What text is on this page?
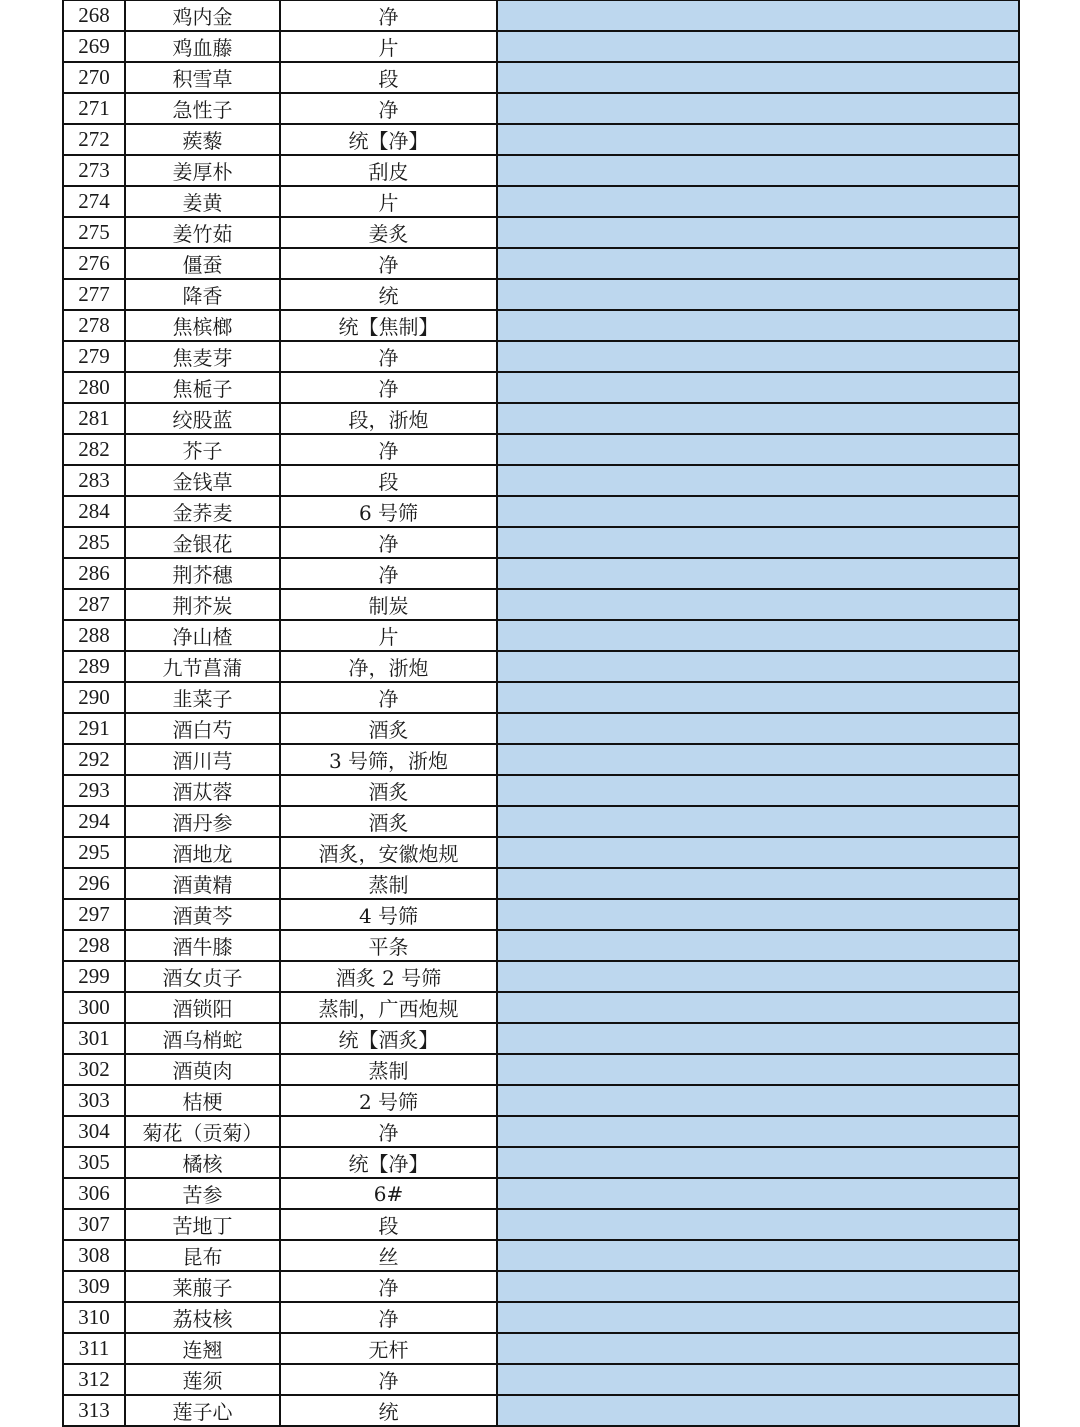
268	鸡内金	净	
269	鸡血藤	片	
270	积雪草	段	
271	急性子	净	
272	蒺藜	统【净】	
273	姜厚朴	刮皮	
274	姜黄	片	
275	姜竹茹	姜炙	
276	僵蚕	净	
277	降香	统	
278	焦槟榔	统【焦制】	
279	焦麦芽	净	
280	焦栀子	净	
281	绞股蓝	段，浙炮	
282	芥子	净	
283	金钱草	段	
284	金荞麦	6 号筛	
285	金银花	净	
286	荆芥穗	净	
287	荆芥炭	制炭	
288	净山楂	片	
289	九节菖蒲	净，浙炮	
290	韭菜子	净	
291	酒白芍	酒炙	
292	酒川芎	3 号筛，浙炮	
293	酒苁蓉	酒炙	
294	酒丹参	酒炙	
295	酒地龙	酒炙，安徽炮规	
296	酒黄精	蒸制	
297	酒黄芩	4 号筛	
298	酒牛膝	平条	
299	酒女贞子	酒炙 2 号筛	
300	酒锁阳	蒸制，广西炮规	
301	酒乌梢蛇	统【酒炙】	
302	酒萸肉	蒸制	
303	桔梗	2 号筛	
304	菊花（贡菊）	净	
305	橘核	统【净】	
306	苦参	6#	
307	苦地丁	段	
308	昆布	丝	
309	莱菔子	净	
310	荔枝核	净	
311	连翘	无杆	
312	莲须	净	
313	莲子心	统	
